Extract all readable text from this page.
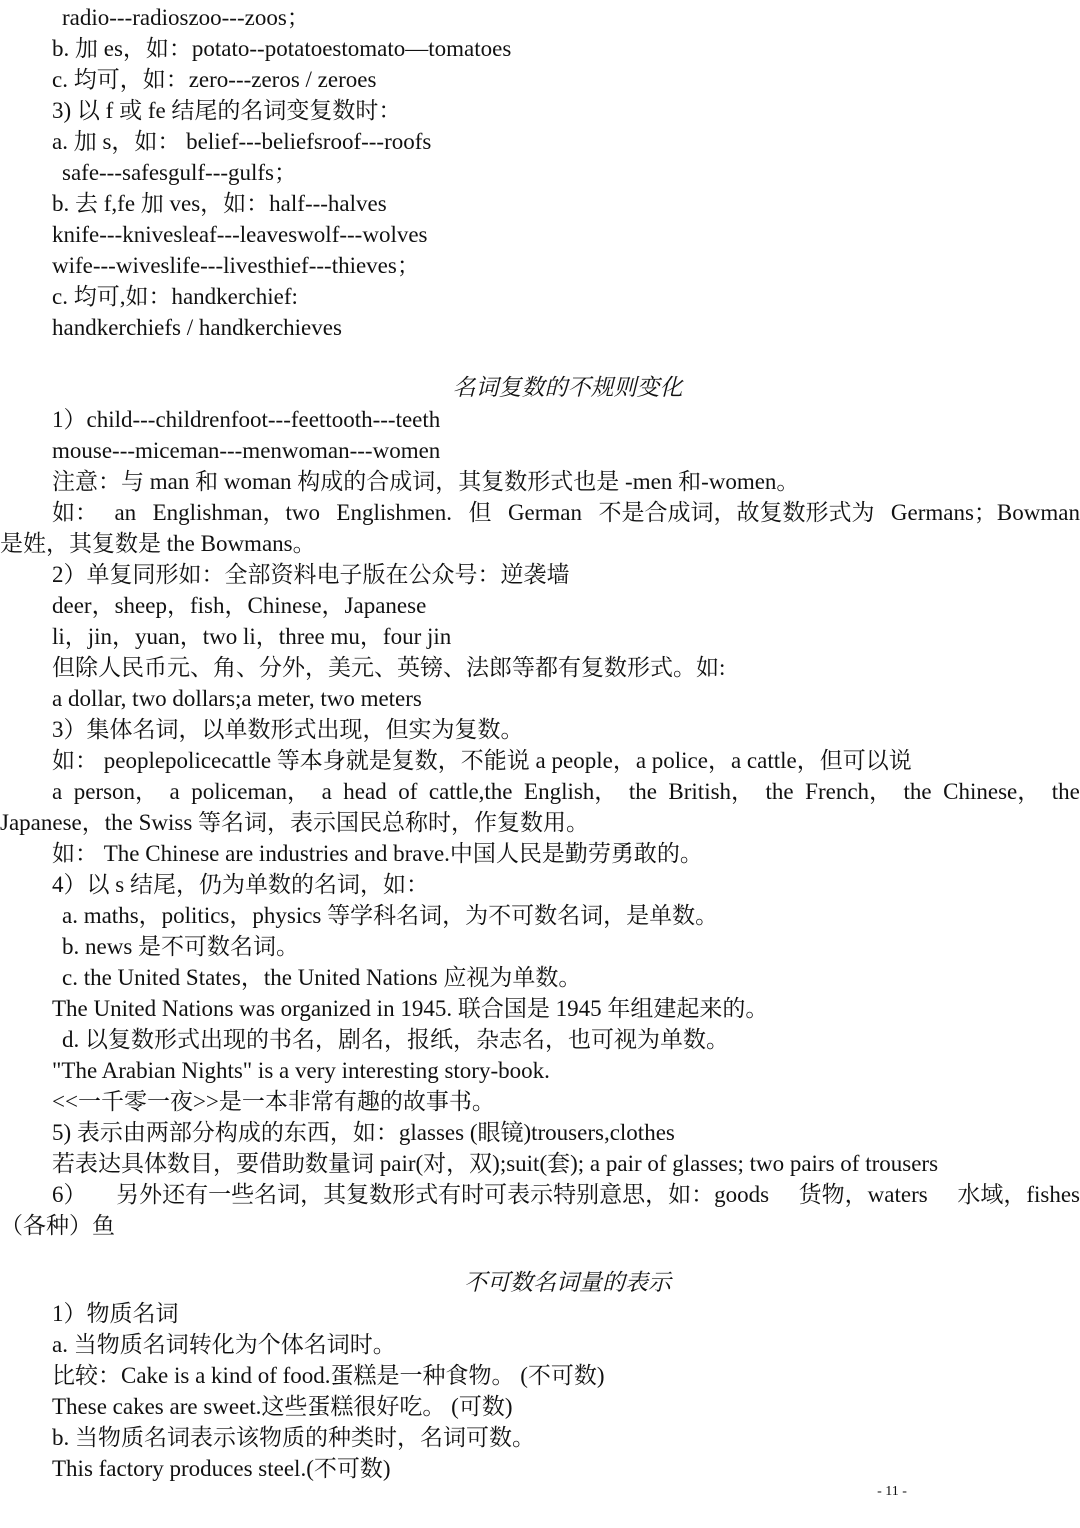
radio---radioszoo---zoos；
b. 加 es，如：potato--potatoestomato—tomatoes
c. 均可，如：zero---zeros / zeroes
3) 以 f 或 fe 结尾的名词变复数时：
a. 加 s，如： belief---beliefsroof---roofs
safe---safesgulf---gulfs；
b. 去 f,fe 加 ves，如：half---halves
knife---knivesleaf---leaveswolf---wolves
wife---wiveslife---livesthief---thieves；
c. 均可,如：handkerchief:
handkerchiefs / handkerchieves
名词复数的不规则变化
1）child---childrenfoot---feettooth---teeth
mouse---miceman---menwoman---women
注意：与 man 和 woman 构成的合成词，其复数形式也是 -men 和-women。
如： an Englishman，two Englishmen. 但 German 不是合成词，故复数形式为 Germans；Bowman
是姓，其复数是 the Bowmans。
2）单复同形如：全部资料电子版在公众号：逆袭墙
deer，sheep，fish，Chinese，Japanese
li，jin，yuan，two li，three mu，four jin
但除人民币元、角、分外，美元、英镑、法郎等都有复数形式。如:
a dollar, two dollars;a meter, two meters
3）集体名词，以单数形式出现，但实为复数。
如： peoplepolicecattle 等本身就是复数，不能说 a people，a police，a cattle，但可以说
a person， a policeman， a head of cattle,the English， the British， the French， the Chinese， the
Japanese，the Swiss 等名词，表示国民总称时，作复数用。
如： The Chinese are industries and brave.中国人民是勤劳勇敢的。
4）以 s 结尾，仍为单数的名词，如：
a. maths，politics，physics 等学科名词，为不可数名词，是单数。
b. news 是不可数名词。
c. the United States，the United Nations 应视为单数。
The United Nations was organized in 1945. 联合国是 1945 年组建起来的。
d. 以复数形式出现的书名，剧名，报纸，杂志名，也可视为单数。
"The Arabian Nights" is a very interesting story-book.
<<一千零一夜>>是一本非常有趣的故事书。
5) 表示由两部分构成的东西，如：glasses (眼镜)trousers,clothes
若表达具体数目，要借助数量词 pair(对，双);suit(套); a pair of glasses; two pairs of trousers
6） 另外还有一些名词，其复数形式有时可表示特别意思，如：goods 货物，waters 水域，fishes
（各种）鱼
不可数名词量的表示
1）物质名词
a. 当物质名词转化为个体名词时。
比较：Cake is a kind of food.蛋糕是一种食物。 (不可数)
These cakes are sweet.这些蛋糕很好吃。 (可数)
b. 当物质名词表示该物质的种类时，名词可数。
This factory produces steel.(不可数)
- 11 -
